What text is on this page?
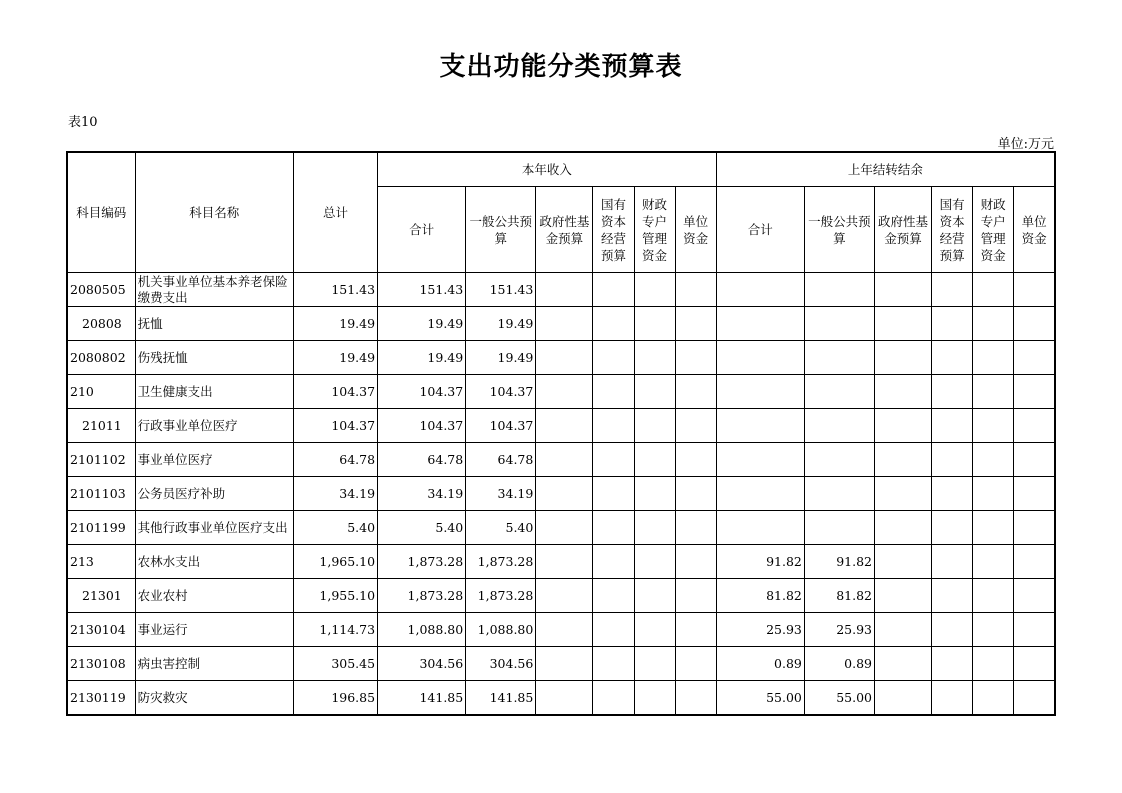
支出功能分类预算表
表10
单位:万元
科目编码	科目名称	总计	本年收入						上年结转结余					
			合计	一般公共预算	政府性基金预算	国有资本经营预算	财政专户管理资金	单位资金	合计	一般公共预算	政府性基金预算	国有资本经营预算	财政专户管理资金	单位资金
2080505	机关事业单位基本养老保险缴费支出	151.43	151.43	151.43										
20808	抚恤	19.49	19.49	19.49										
2080802	伤残抚恤	19.49	19.49	19.49										
210	卫生健康支出	104.37	104.37	104.37										
21011	行政事业单位医疗	104.37	104.37	104.37										
2101102	事业单位医疗	64.78	64.78	64.78										
2101103	公务员医疗补助	34.19	34.19	34.19										
2101199	其他行政事业单位医疗支出	5.40	5.40	5.40										
213	农林水支出	1,965.10	1,873.28	1,873.28					91.82	91.82				
21301	农业农村	1,955.10	1,873.28	1,873.28					81.82	81.82				
2130104	事业运行	1,114.73	1,088.80	1,088.80					25.93	25.93				
2130108	病虫害控制	305.45	304.56	304.56					0.89	0.89				
2130119	防灾救灾	196.85	141.85	141.85					55.00	55.00				
